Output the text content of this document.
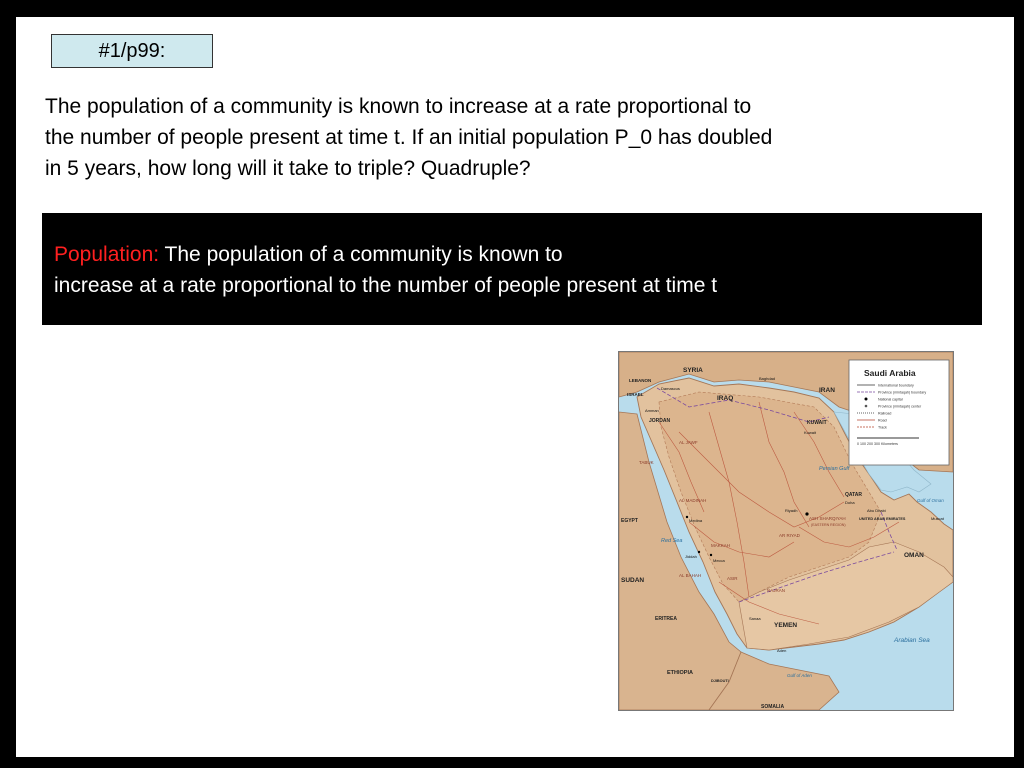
#1/p99:
The population of a community is known to increase at a rate proportional to
the number of people present at time t. If an initial population P_0 has doubled
in 5 years, how long will it take to triple? Quadruple?
Population: The population of a community is known to
increase at a rate proportional to the number of people present at time t
Saudi Arabia
International boundary
Province (mintaqah) boundary
National capital
Province (mintaqah) center
Railroad
Road
Track
0 100 200 300 Kilometers
SYRIA
IRAQ
IRAN
LEBANON
ISRAEL
JORDAN	KUWAIT
QATAR
UNITED ARAB EMIRATES
OMAN
YEMEN
EGYPT
SUDAN
ERITREA
ETHIOPIA
DJIBOUTI
SOMALIA
Red Sea
Persian Gulf
Gulf of Oman
Arabian Sea
Gulf of Aden
AR RIYAD
ASH SHARQIYAH
(EASTERN REGION)
AL MADINAH
AL JAWF
TABUK
MAKKAH
NAJRAN
AL BAHAH
ASIR
Riyadh
Jiddah
Mecca
Medina
Damascus
Amman
Baghdad
Kuwait
Doha
Abu Dhabi
Muscat
Sanaa
Aden
